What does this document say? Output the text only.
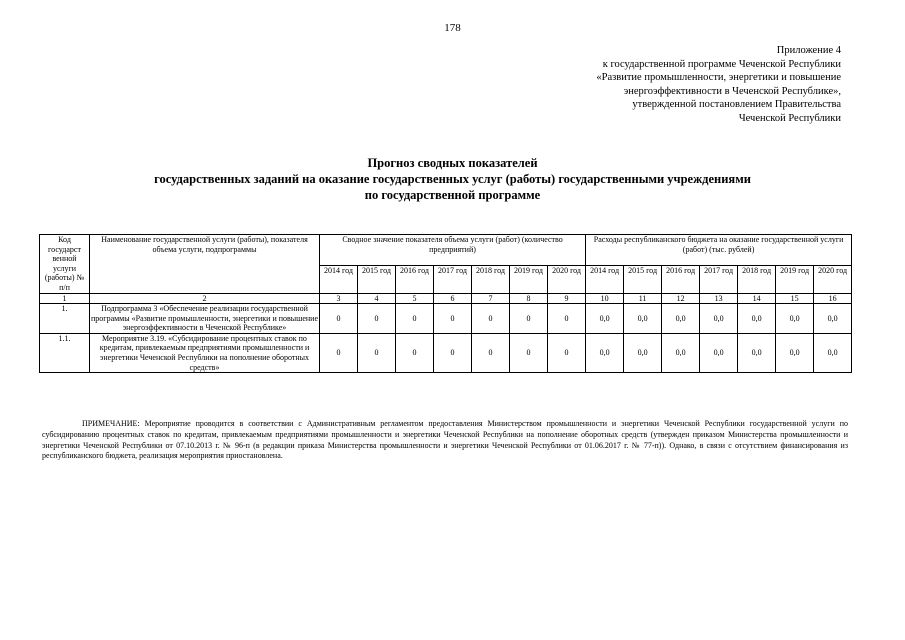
178
Приложение 4
к государственной программе Чеченской Республики
«Развитие промышленности, энергетики и повышение
энергоэффективности в Чеченской Республике»,
утвержденной постановлением Правительства
Чеченской Республики
Прогноз сводных показателей
государственных заданий на оказание государственных услуг (работы) государственными учреждениями
по государственной программе
Код государст венной услуги (работы) № п/п	Наименование государственной услуги (работы), показателя объема услуги, подпрограммы	Сводное значение показателя объема услуги (работ) (количество предприятий)							Расходы республиканского бюджета на оказание государственной услуги (работ) (тыс. рублей)						
		2014 год	2015 год	2016 год	2017 год	2018 год	2019 год	2020 год	2014 год	2015 год	2016 год	2017 год	2018 год	2019 год	2020 год
1	2	3	4	5	6	7	8	9	10	11	12	13	14	15	16
1.	Подпрограмма 3 «Обеспечение реализации государственной программы «Развитие промышленности, энергетики и повышение энергоэффективности в Чеченской Республике»	0	0	0	0	0	0	0	0,0	0,0	0,0	0,0	0,0	0,0	0,0
1.1.	Мероприятие 3.19. «Субсидирование процентных ставок по кредитам, привлекаемым предприятиями промышленности и энергетики Чеченской Республики на пополнение оборотных средств»	0	0	0	0	0	0	0	0,0	0,0	0,0	0,0	0,0	0,0	0,0
ПРИМЕЧАНИЕ: Мероприятие проводится в соответствии с Административным регламентом предоставления Министерством промышленности и энергетики Чеченской Республики государственной услуги по субсидированию процентных ставок по кредитам, привлекаемым предприятиями промышленности и энергетики Чеченской Республики на пополнение оборотных средств (утвержден приказом Министерства промышленности и энергетики Чеченской Республики от 07.10.2013 г. № 96-п (в редакции приказа Министерства промышленности и энергетики Чеченской Республики от 01.06.2017 г. № 77-п)). Однако, в связи с отсутствием финансирования из республиканского бюджета, реализация мероприятия приостановлена.
